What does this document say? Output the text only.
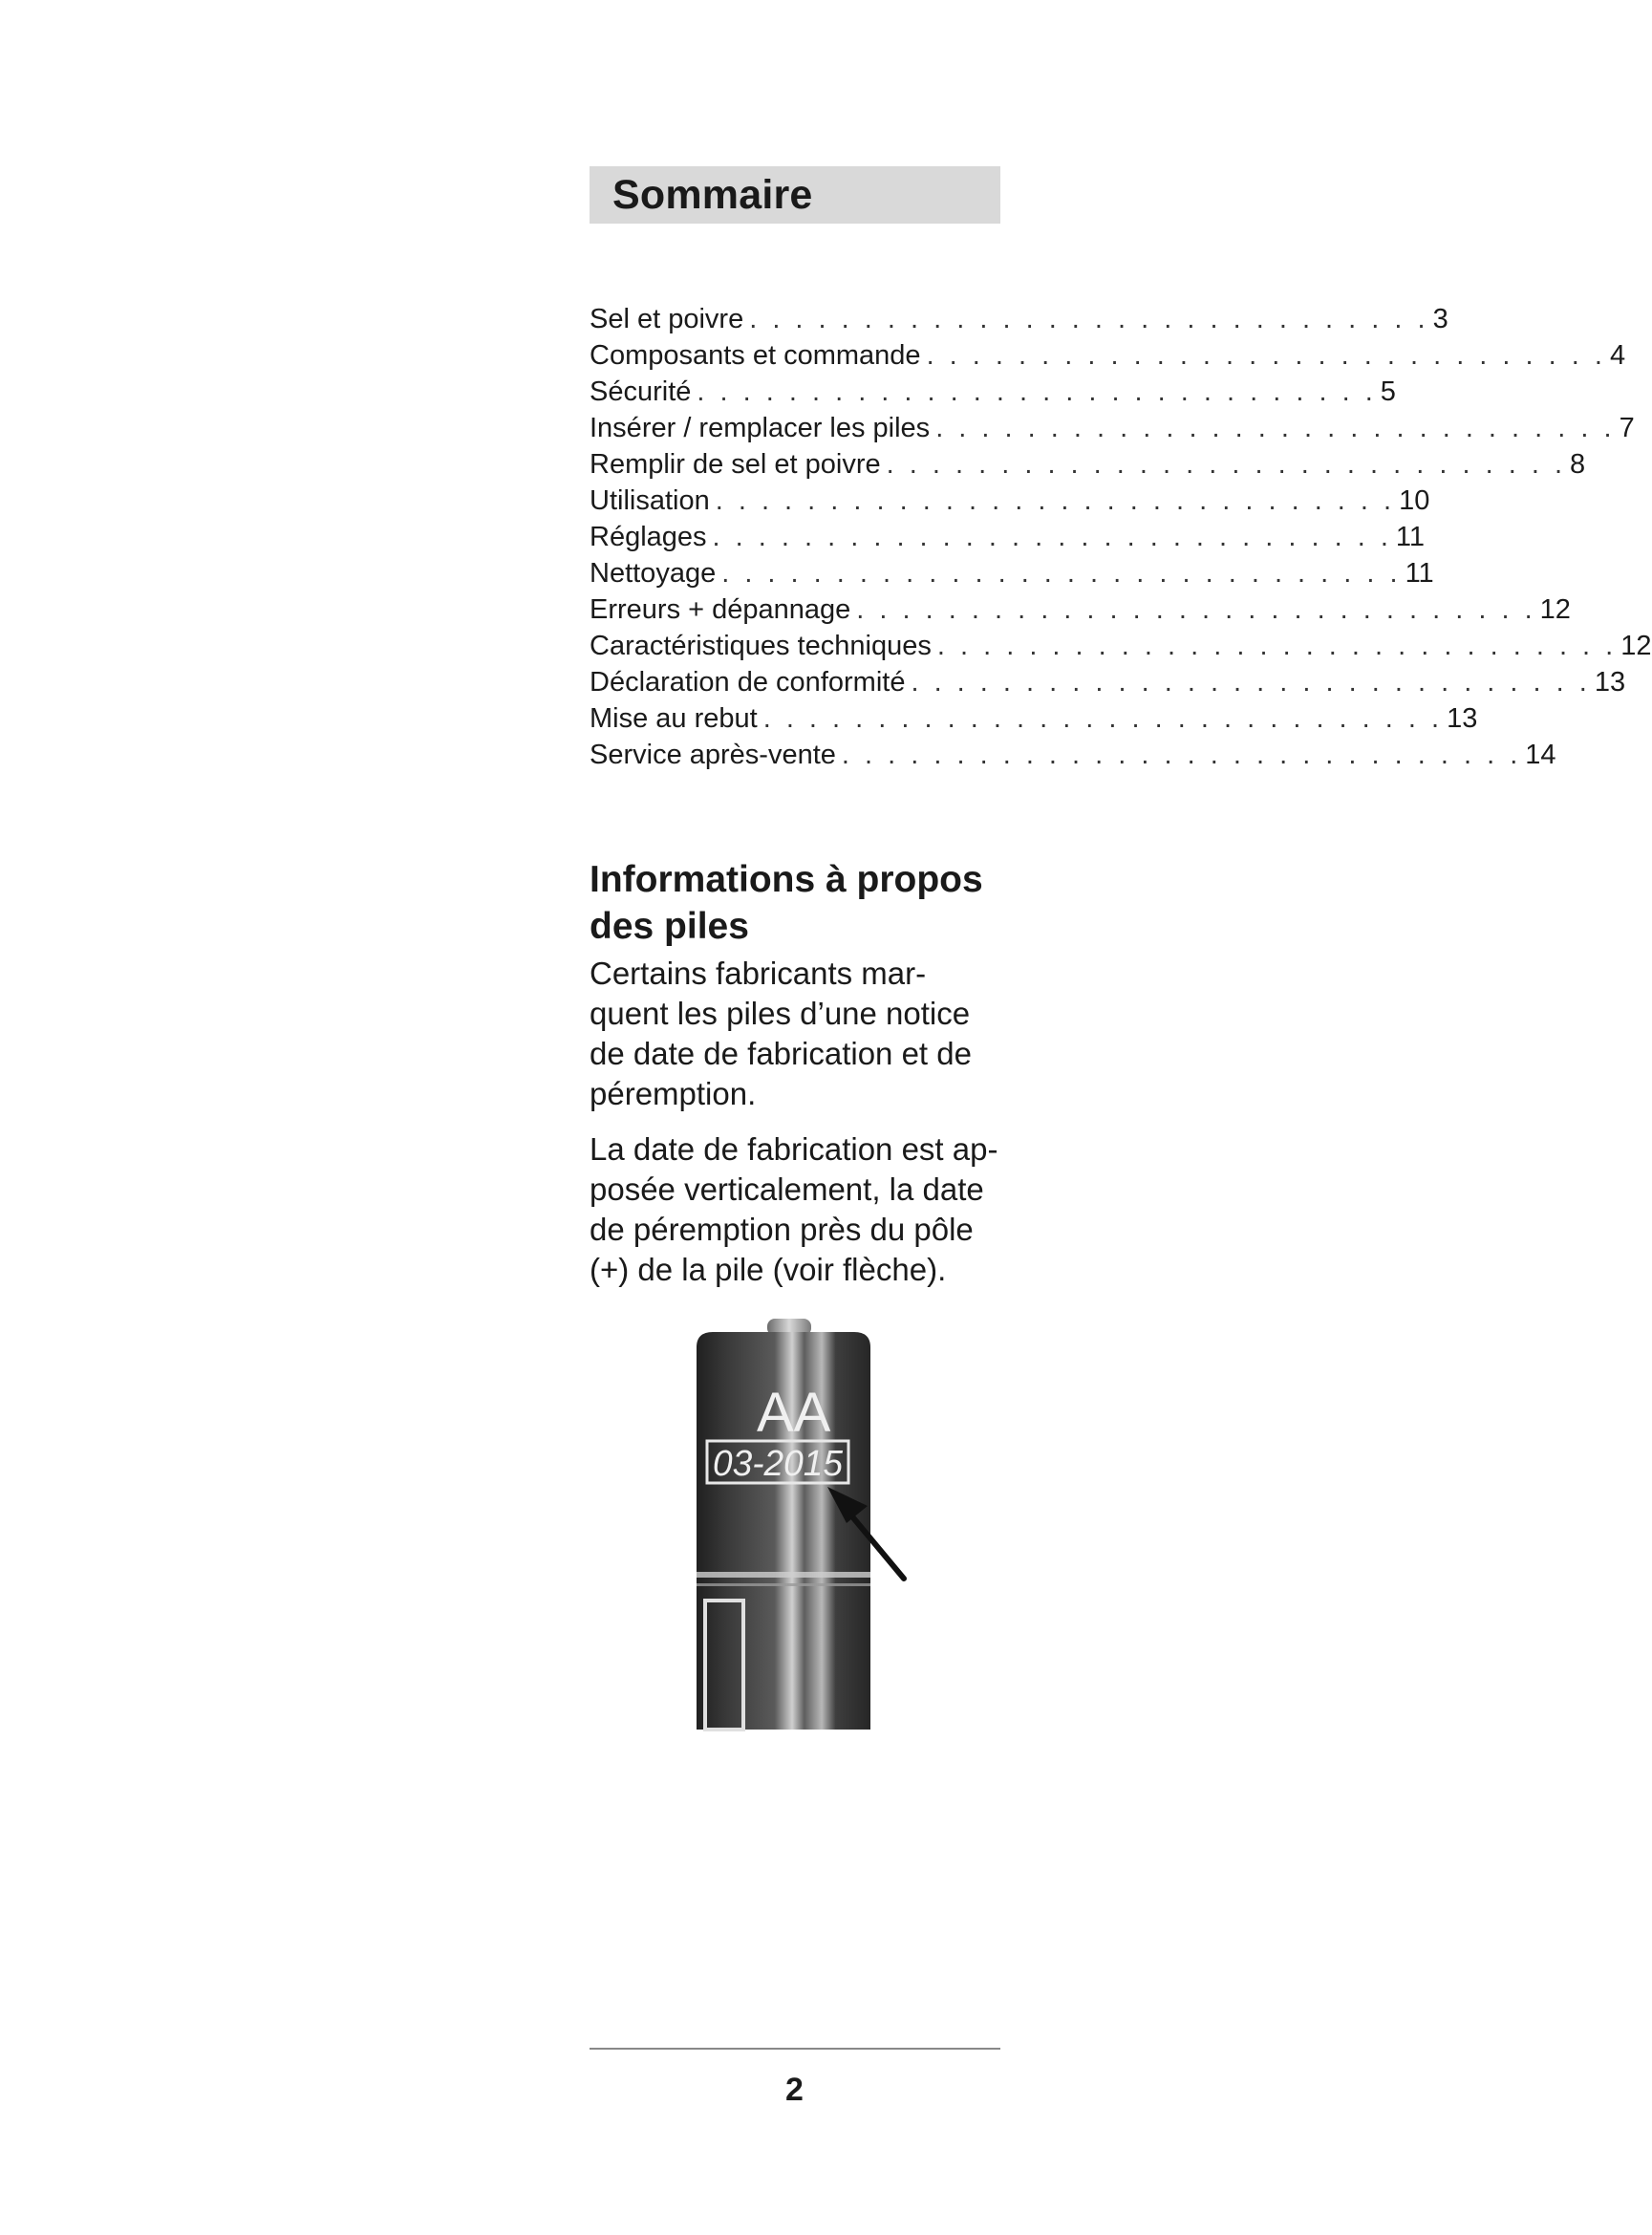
Sommaire
Sel et poivre . . . . . . . . . . . . . . . . . . . . . . . . . . . . . . 3
Composants et commande . . . . . . . . . . . . . . . . . . . . . . . . . . . . . . 4
Sécurité . . . . . . . . . . . . . . . . . . . . . . . . . . . . . . 5
Insérer / remplacer les piles . . . . . . . . . . . . . . . . . . . . . . . . . . . . . . 7
Remplir de sel et poivre . . . . . . . . . . . . . . . . . . . . . . . . . . . . . . 8
Utilisation . . . . . . . . . . . . . . . . . . . . . . . . . . . . . . 10
Réglages . . . . . . . . . . . . . . . . . . . . . . . . . . . . . . 11
Nettoyage . . . . . . . . . . . . . . . . . . . . . . . . . . . . . . 11
Erreurs + dépannage . . . . . . . . . . . . . . . . . . . . . . . . . . . . . . 12
Caractéristiques techniques . . . . . . . . . . . . . . . . . . . . . . . . . . . . . . 12
Déclaration de conformité . . . . . . . . . . . . . . . . . . . . . . . . . . . . . . 13
Mise au rebut . . . . . . . . . . . . . . . . . . . . . . . . . . . . . . 13
Service après-vente . . . . . . . . . . . . . . . . . . . . . . . . . . . . . . 14
Informations à propos des piles

Certains fabricants mar-quent les piles d’une notice de date de fabrication et de péremption.

La date de fabrication est ap-posée verticalement, la date de péremption près du pôle (+) de la pile (voir flèche).

AA
03-2015
2
